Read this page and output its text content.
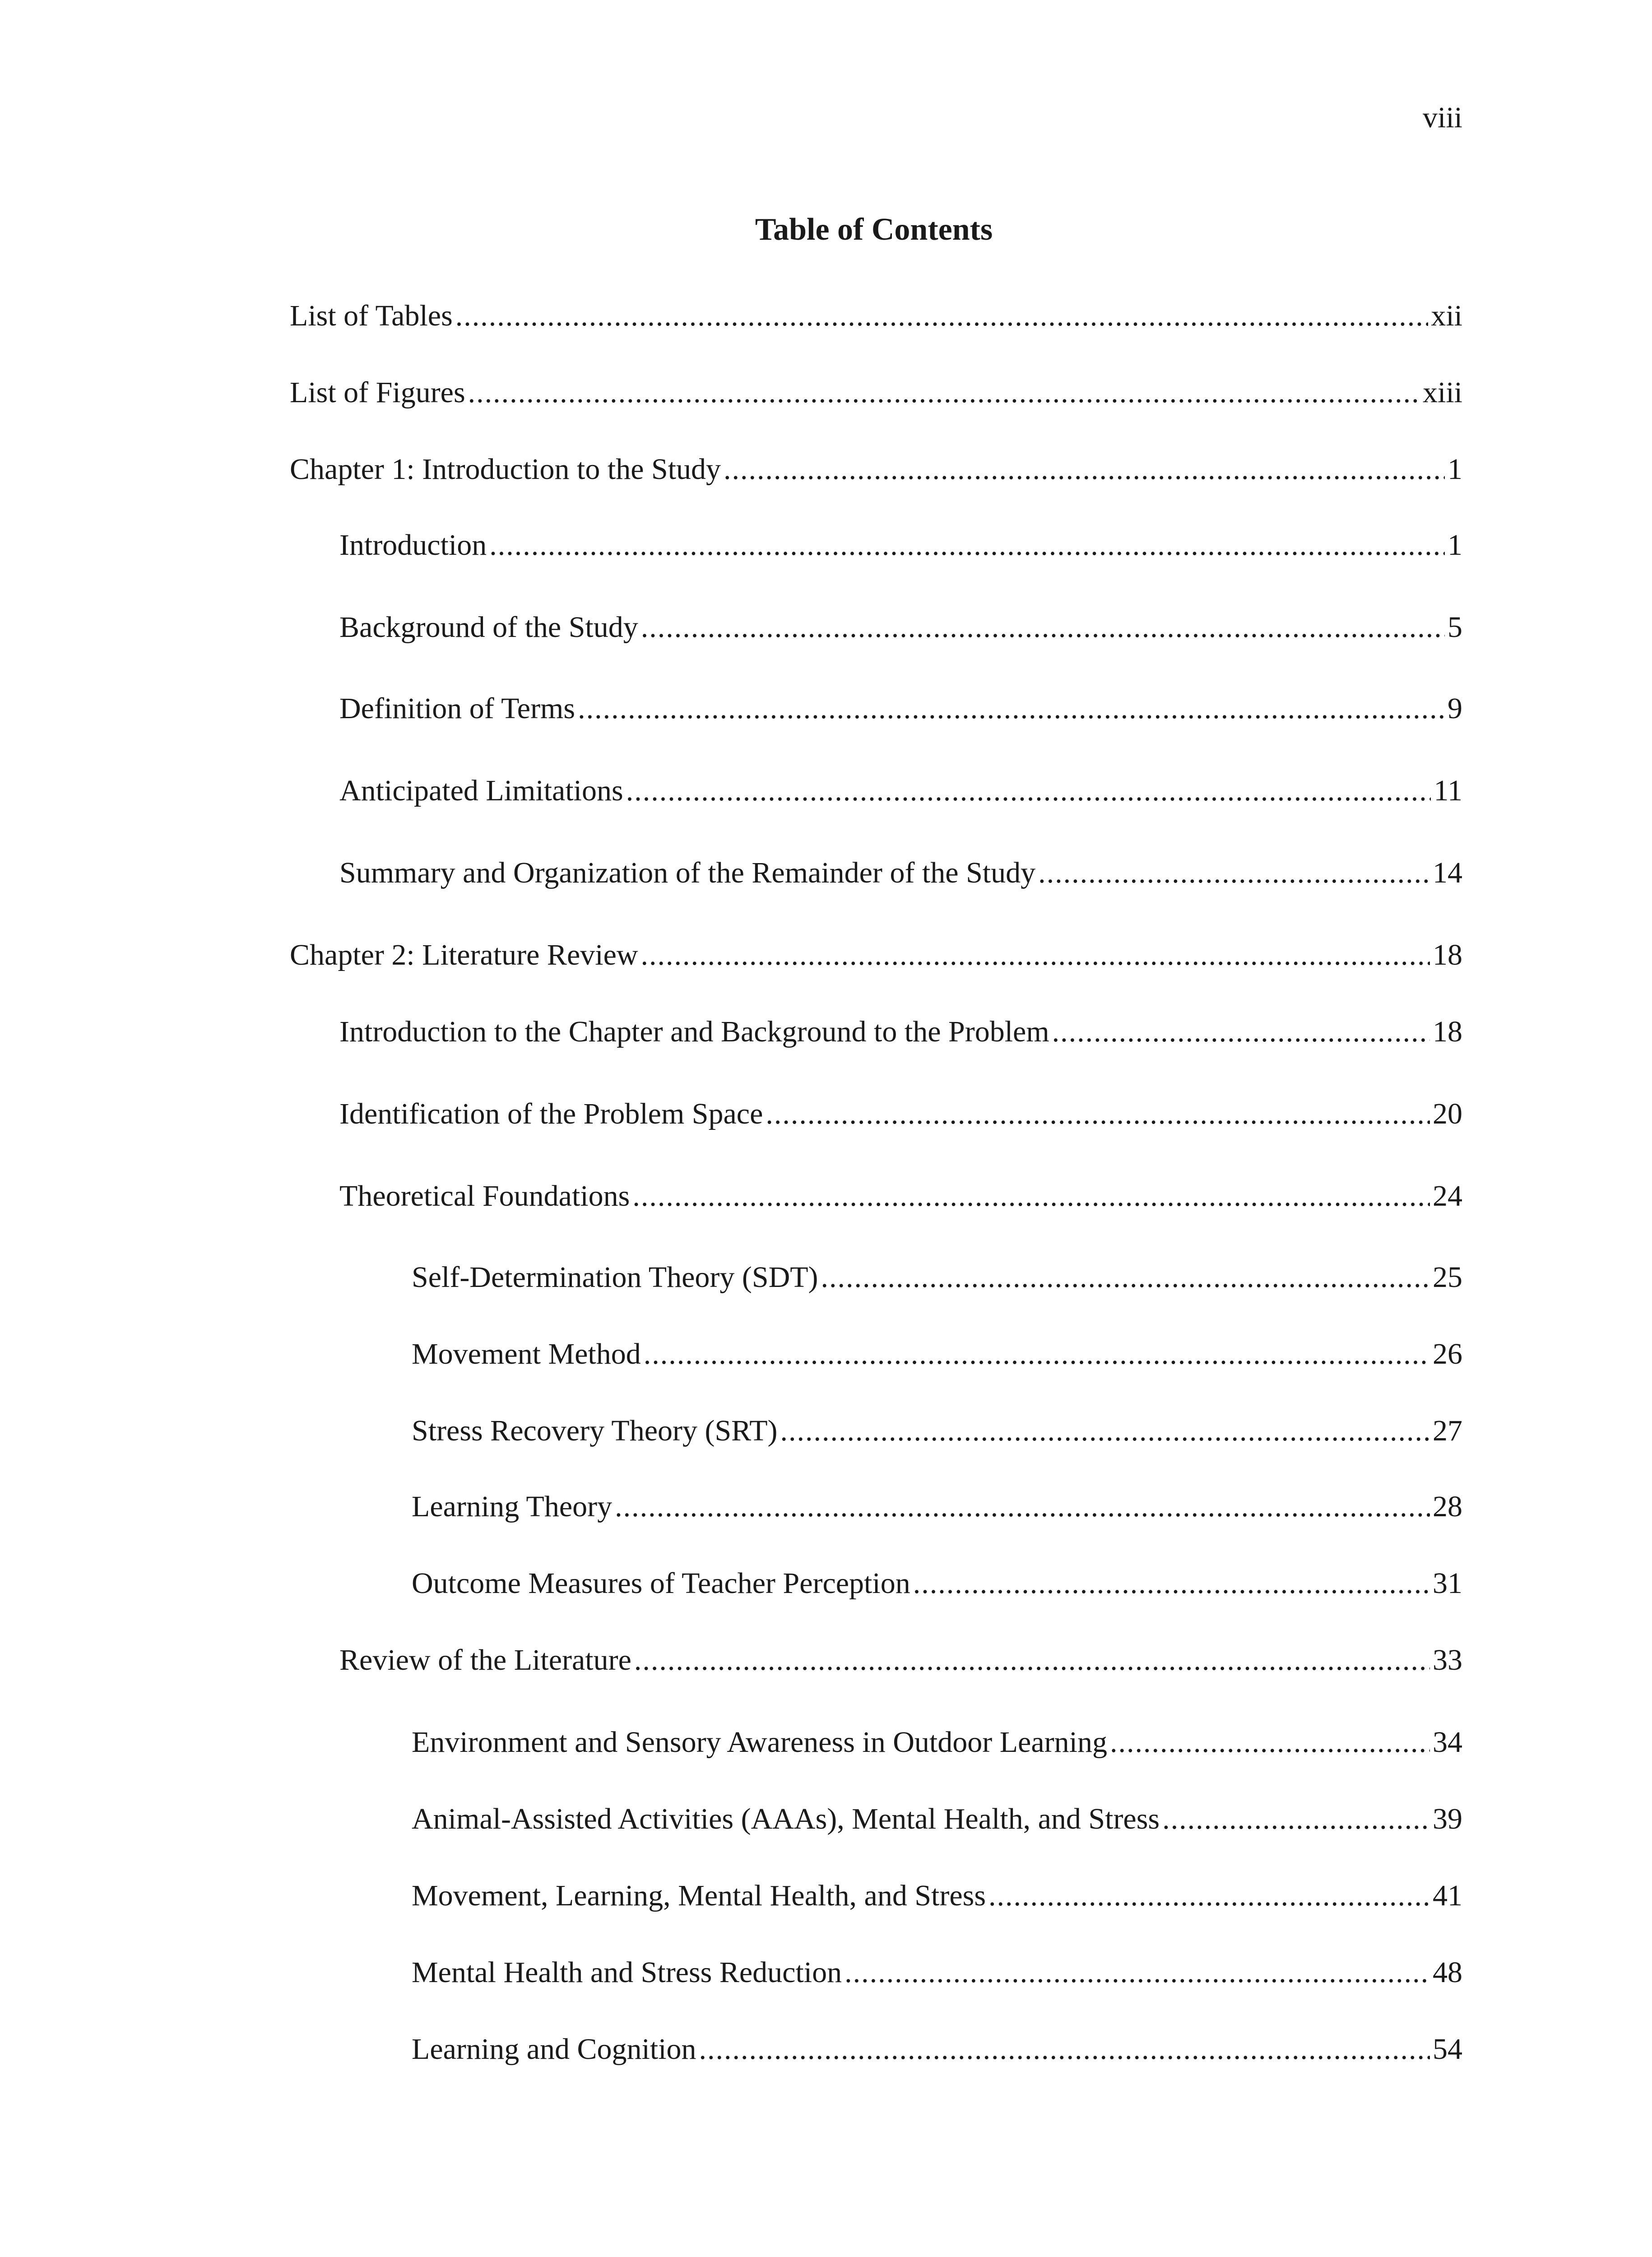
viii

Table of Contents
List of Tables .....	xii
List of Figures .....	xiii
Chapter 1: Introduction to the Study .....	1
Introduction .....	1
Background of the Study .....	5
Definition of Terms .....	9
Anticipated Limitations .....	11
Summary and Organization of the Remainder of the Study .....	14
Chapter 2: Literature Review .....	18
Introduction to the Chapter and Background to the Problem .....	18
Identification of the Problem Space .....	20
Theoretical Foundations .....	24
Self-Determination Theory (SDT) .....	25
Movement Method .....	26
Stress Recovery Theory (SRT) .....	27
Learning Theory .....	28
Outcome Measures of Teacher Perception .....	31
Review of the Literature .....	33
Environment and Sensory Awareness in Outdoor Learning .....	34
Animal-Assisted Activities (AAAs), Mental Health, and Stress .....	39
Movement, Learning, Mental Health, and Stress .....	41
Mental Health and Stress Reduction .....	48
Learning and Cognition .....	54
